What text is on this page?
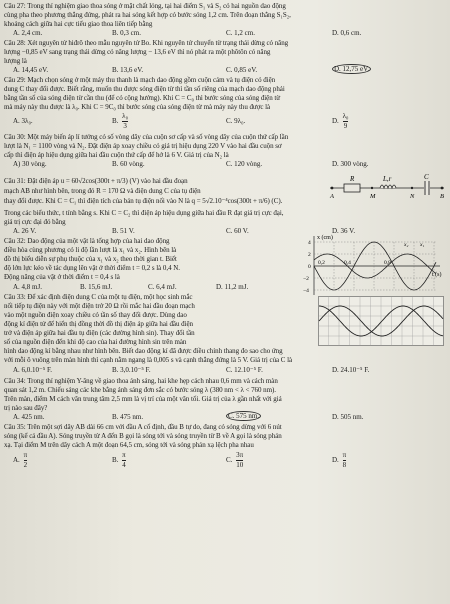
Câu 27: Trong thí nghiệm giao thoa sóng ở mặt chất lỏng, tại hai điểm S₁ và S₂ có hai nguồn dao động
cùng pha theo phương thẳng đứng, phát ra hai sóng kết hợp có bước sóng 1,2 cm. Trên đoạn thẳng S₁S₂,
khoảng cách giữa hai cực tiểu giao thoa liên tiếp bằng
A. 2,4 cm.	B. 0,3 cm.	C. 1,2 cm.	D. 0,6 cm.
Câu 28: Xét nguyên tử hiđrô theo mẫu nguyên tử Bo. Khi nguyên tử chuyển từ trạng thái dừng có năng
lượng −0,85 eV sang trạng thái dừng có năng lượng − 13,6 eV thì nó phát ra một phôtôn có năng
lượng là
A. 14,45 eV.	B. 13,6 eV.	C. 0,85 eV.	D. 12,75 eV.
Câu 29: Mạch chọn sóng ở một máy thu thanh là mạch dao động gồm cuộn cảm và tụ điện có điện
dung C thay đổi được. Biết rằng, muốn thu được sóng điện từ thì tần số riêng của mạch dao động phải
bằng tần số của sóng điện từ cần thu (để có cộng hưởng). Khi C = C₀ thì bước sóng của sóng điện từ
mà máy này thu được là λ₀. Khi C = 9C₀ thì bước sóng của sóng điện từ mà máy này thu được là
A. 3λ₀.	B. $\frac{\text{λ₀}}{3}$	C. 9λ₀.	D. $\frac{\text{λ₀}}{9}$
Câu 30: Một máy biến áp lí tưởng có số vòng dây của cuộn sơ cấp và số vòng dây của cuộn thứ cấp lần
lượt là N₁ = 1100 vòng và N₂. Đặt điện áp xoay chiều có giá trị hiệu dụng 220 V vào hai đầu cuộn sơ
cấp thì điện áp hiệu dụng giữa hai đầu cuộn thứ cấp để hở là 6 V. Giá trị của N₂ là
A) 30 vòng.	B. 60 vòng.	C. 120 vòng.	D. 300 vòng.
Câu 31: Đặt điện áp u = 60√2cos(300t + π/3) (V) vào hai đầu đoạn
mạch AB như hình bên, trong đó R = 170 Ω và điện dung C của tụ điện
thay đổi được. Khi C = C₁ thì điện tích của bản tụ điện nối vào N là q = 5√2.10⁻⁴cos(300t + π/6) (C).
Trong các biểu thức, t tính bằng s. Khi C = C₂ thì điện áp hiệu dụng giữa hai đầu R đạt giá trị cực đại,
giá trị cực đại đó bằng
A. 26 V.	B. 51 V.	C. 60 V.	D. 36 V.
R	L,r	C
A	M	N	B
Câu 32: Dao động của một vật là tổng hợp của hai dao động
điều hòa cùng phương có li độ lần lượt là x₁ và x₂. Hình bên là
đồ thị biểu diễn sự phụ thuộc của x₁ và x₂ theo thời gian t. Biết
độ lớn lực kéo về tác dụng lên vật ở thời điểm t = 0,2 s là 0,4 N.
Động năng của vật ở thời điểm t = 0,4 s là
A. 4,8 mJ.	B. 15,6 mJ.	C. 6,4 mJ.	D. 11,2 mJ.
x (cm)
t (s)
x₁
x₂
4
2
0
−2
−4
0,2	0,4	0,8
Câu 33: Để xác định điện dung C của một tụ điện, một học sinh mắc
nối tiếp tụ điện này với một điện trở 20 Ω rồi mắc hai đầu đoạn mạch
vào một nguồn điện xoay chiều có tần số thay đổi được. Dùng dao
động kí điện tử để hiển thị đồng thời đồ thị điện áp giữa hai đầu điện
trở và điện áp giữa hai đầu tụ điện (các đường hình sin). Thay đổi tần
số của nguồn điện đến khi độ cao của hai đường hình sin trên màn
hình dao động kí bằng nhau như hình bên. Biết dao động kí đã được điều chỉnh thang đo sao cho ứng
với mỗi ô vuông trên màn hình thì cạnh nằm ngang là 0,005 s và cạnh thẳng đứng là 5 V. Giá trị của C là
A. 6,0.10⁻⁵ F.	B. 3,0.10⁻⁵ F.	C. 12.10⁻⁵ F.	D. 24.10⁻⁵ F.
Câu 34: Trong thí nghiệm Y-âng về giao thoa ánh sáng, hai khe hẹp cách nhau 0,6 mm và cách màn
quan sát 1,2 m. Chiếu sáng các khe bằng ánh sáng đơn sắc có bước sóng λ (380 nm < λ < 760 nm).
Trên màn, điểm M cách vân trung tâm 2,5 mm là vị trí của một vân tối. Giá trị của λ gần nhất với giá
trị nào sau đây?
A. 425 nm.	B. 475 nm.	C. 575 nm.	D. 505 nm.
Câu 35: Trên một sợi dây AB dài 66 cm với đầu A cố định, đầu B tự do, đang có sóng dừng với 6 nút
sóng (kể cả đầu A). Sóng truyền từ A đến B gọi là sóng tới và sóng truyền từ B về A gọi là sóng phản
xạ. Tại điểm M trên dây cách A một đoạn 64,5 cm, sóng tới và sóng phản xạ lệch pha nhau
A. $\frac{\pi}{2}$	B. $\frac{\pi}{4}$	C. $\frac{3\pi}{10}$	D. $\frac{\pi}{8}$
